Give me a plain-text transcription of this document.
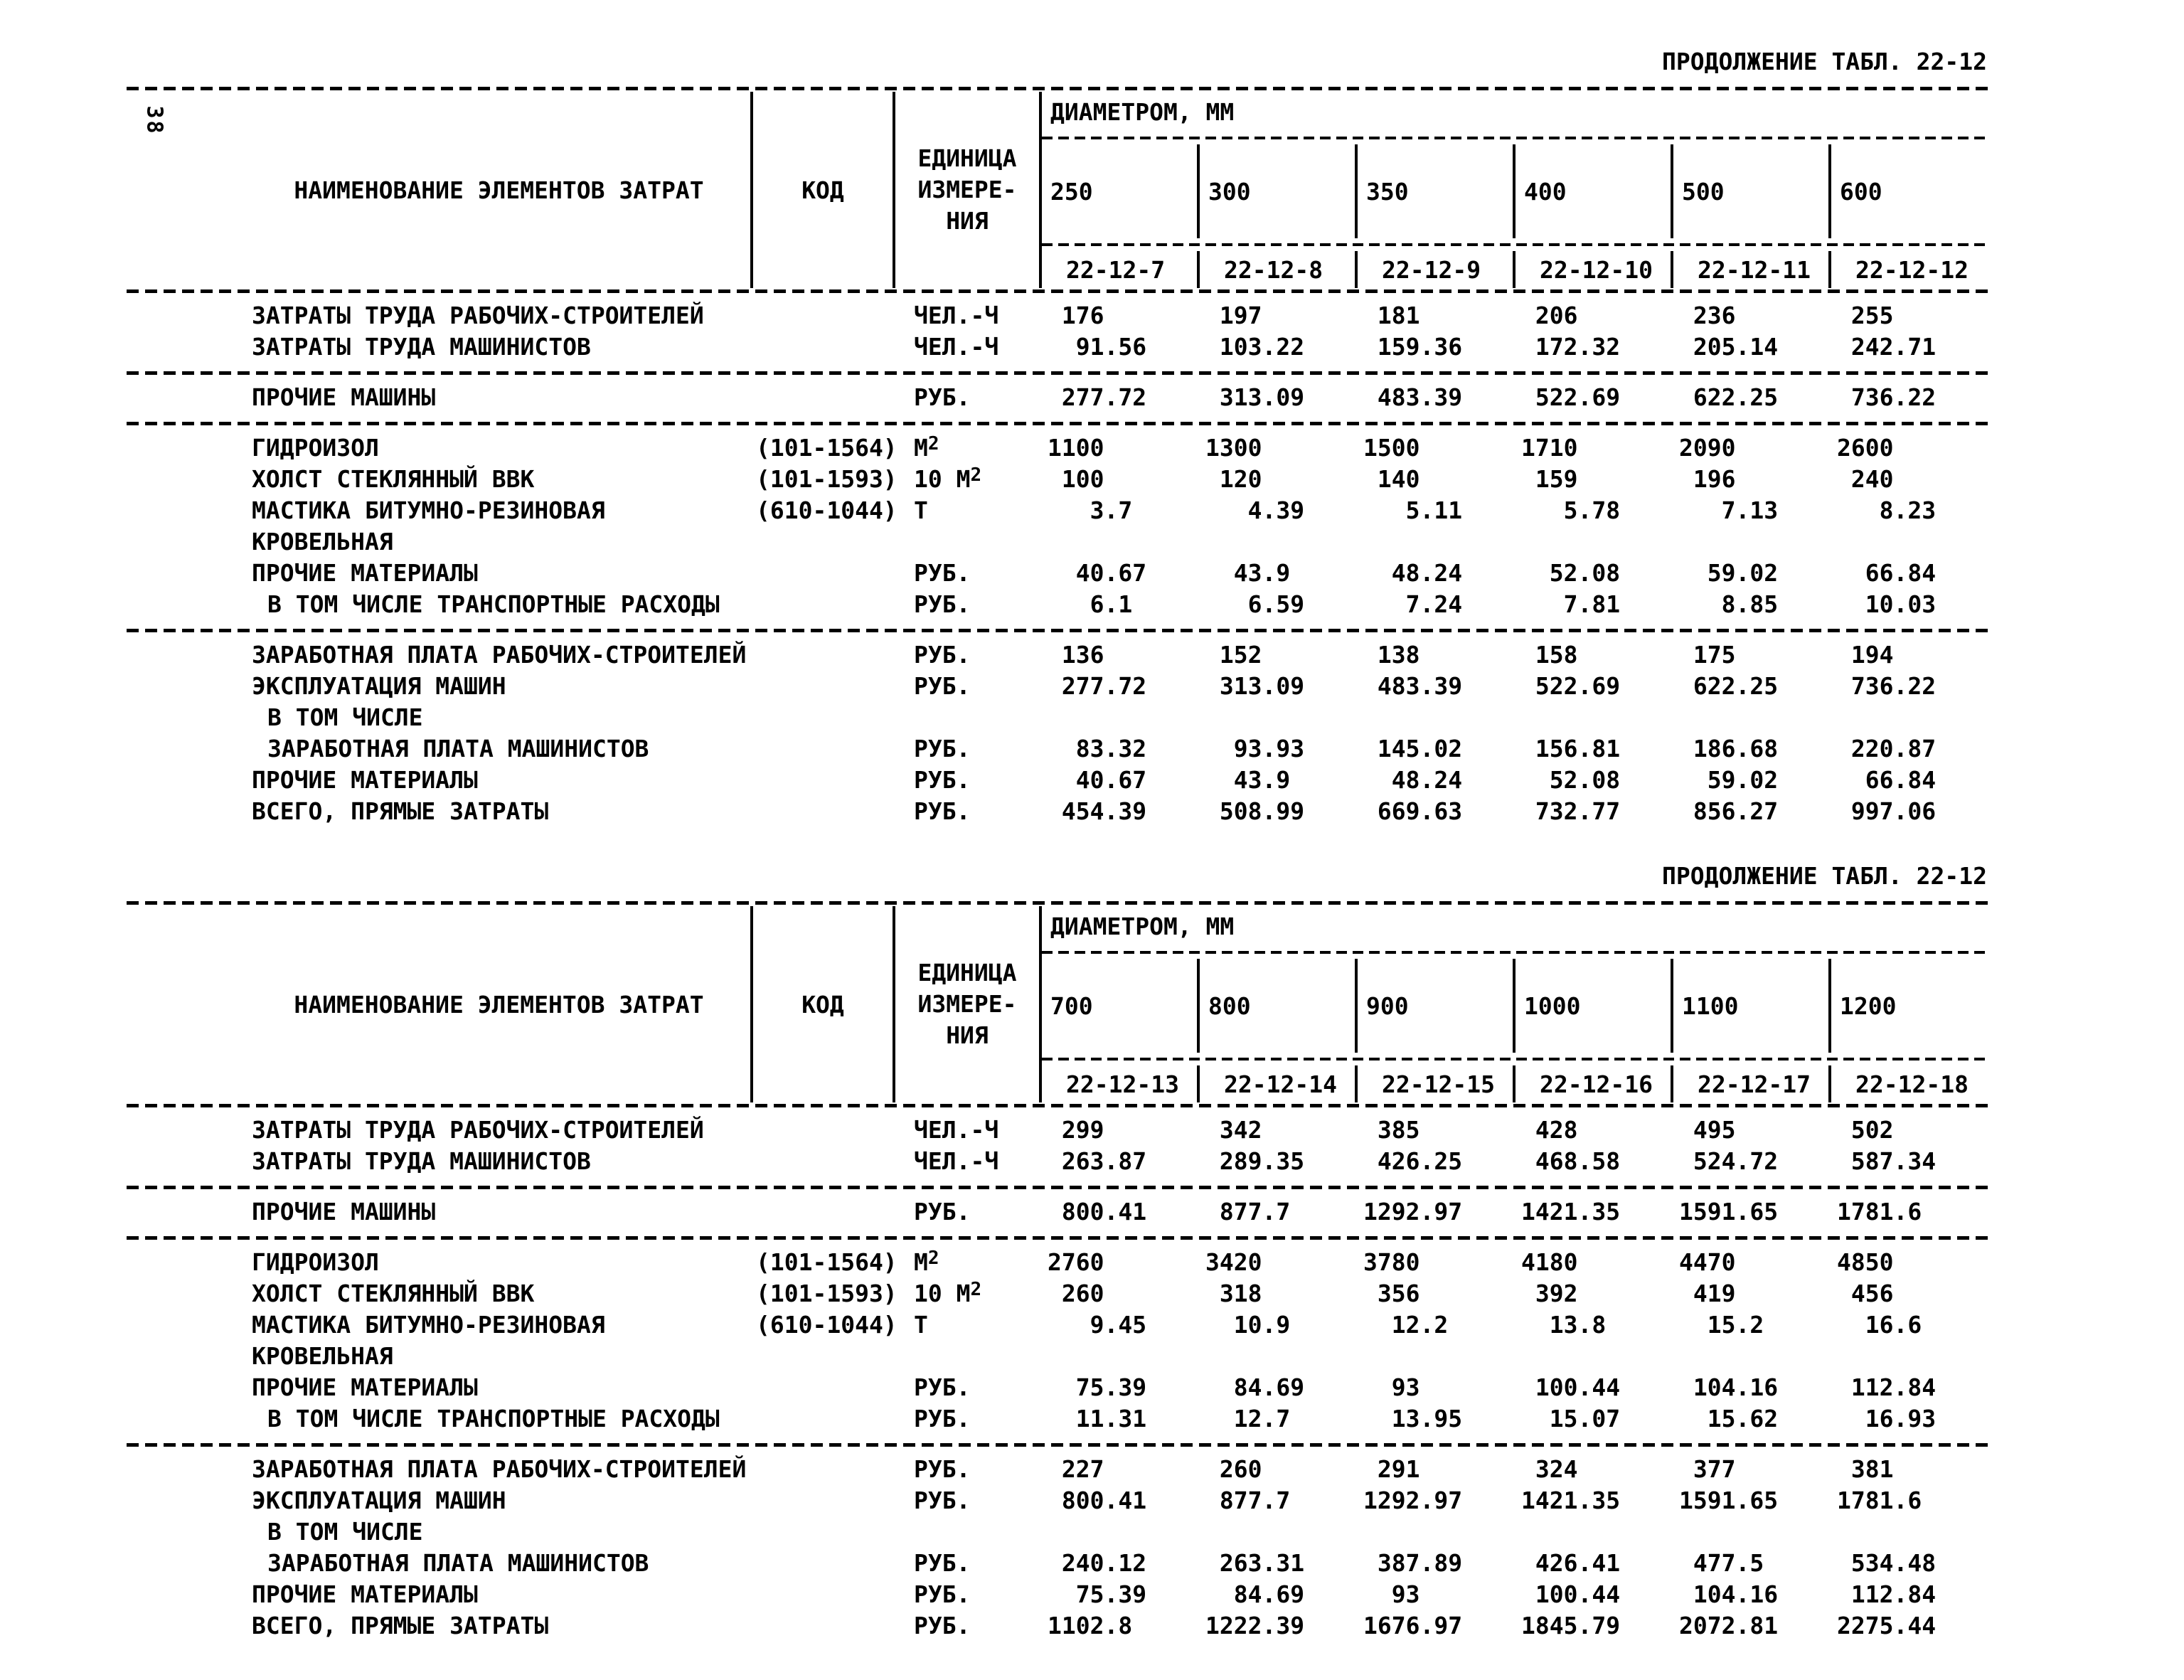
38
ПРОДОЛЖЕНИЕ ТАБЛ. 22-12
НАИМЕНОВАНИЕ ЭЛЕМЕНТОВ ЗАТРАТ	КОД
ЕДИНИЦА
ИЗМЕРЕ-
НИЯ
ДИАМЕТРОМ, ММ
250	300	350	400	500	600
22-12-7	22-12-8	22-12-9	22-12-10	22-12-11	22-12-12
ЗАТРАТЫ ТРУДА РАБОЧИХ-СТРОИТЕЛЕЙ	ЧЕЛ.-Ч	176	197	181	206	236	255
ЗАТРАТЫ ТРУДА МАШИНИСТОВ	ЧЕЛ.-Ч	91.56	103.22	159.36	172.32	205.14	242.71
ПРОЧИЕ МАШИНЫ	РУБ.	277.72	313.09	483.39	522.69	622.25	736.22
ГИДРОИЗОЛ	(101-1564) $М^2$	1100	1300	1500	1710	2090	2600
ХОЛСТ СТЕКЛЯННЫЙ ВВК	(101-1593) 10 $М^2$	100	120	140	159	196	240
МАСТИКА БИТУМНО-РЕЗИНОВАЯ	(610-1044) Т	3.7	4.39	5.11	5.78	7.13	8.23
КРОВЕЛЬНАЯ
ПРОЧИЕ МАТЕРИАЛЫ	РУБ.	40.67	43.9	48.24	52.08	59.02	66.84
В ТОМ ЧИСЛЕ ТРАНСПОРТНЫЕ РАСХОДЫ	РУБ.	6.1	6.59	7.24	7.81	8.85	10.03
ЗАРАБОТНАЯ ПЛАТА РАБОЧИХ-СТРОИТЕЛЕЙ	РУБ.	136	152	138	158	175	194
ЭКСПЛУАТАЦИЯ МАШИН	РУБ.	277.72	313.09	483.39	522.69	622.25	736.22
В ТОМ ЧИСЛЕ
ЗАРАБОТНАЯ ПЛАТА МАШИНИСТОВ	РУБ.	83.32	93.93	145.02	156.81	186.68	220.87
ПРОЧИЕ МАТЕРИАЛЫ	РУБ.	40.67	43.9	48.24	52.08	59.02	66.84
ВСЕГО, ПРЯМЫЕ ЗАТРАТЫ	РУБ.	454.39	508.99	669.63	732.77	856.27	997.06
ПРОДОЛЖЕНИЕ ТАБЛ. 22-12
НАИМЕНОВАНИЕ ЭЛЕМЕНТОВ ЗАТРАТ	КОД
ЕДИНИЦА
ИЗМЕРЕ-
НИЯ
ДИАМЕТРОМ, ММ
700	800	900	1000	1100	1200
22-12-13	22-12-14	22-12-15	22-12-16	22-12-17	22-12-18
ЗАТРАТЫ ТРУДА РАБОЧИХ-СТРОИТЕЛЕЙ	ЧЕЛ.-Ч	299	342	385	428	495	502
ЗАТРАТЫ ТРУДА МАШИНИСТОВ	ЧЕЛ.-Ч	263.87	289.35	426.25	468.58	524.72	587.34
ПРОЧИЕ МАШИНЫ	РУБ.	800.41	877.7	1292.97	1421.35	1591.65	1781.6
ГИДРОИЗОЛ	(101-1564) $М^2$	2760	3420	3780	4180	4470	4850
ХОЛСТ СТЕКЛЯННЫЙ ВВК	(101-1593) 10 $М^2$	260	318	356	392	419	456
МАСТИКА БИТУМНО-РЕЗИНОВАЯ	(610-1044) Т	9.45	10.9	12.2	13.8	15.2	16.6
КРОВЕЛЬНАЯ
ПРОЧИЕ МАТЕРИАЛЫ	РУБ.	75.39	84.69	93	100.44	104.16	112.84
В ТОМ ЧИСЛЕ ТРАНСПОРТНЫЕ РАСХОДЫ	РУБ.	11.31	12.7	13.95	15.07	15.62	16.93
ЗАРАБОТНАЯ ПЛАТА РАБОЧИХ-СТРОИТЕЛЕЙ	РУБ.	227	260	291	324	377	381
ЭКСПЛУАТАЦИЯ МАШИН	РУБ.	800.41	877.7	1292.97	1421.35	1591.65	1781.6
В ТОМ ЧИСЛЕ
ЗАРАБОТНАЯ ПЛАТА МАШИНИСТОВ	РУБ.	240.12	263.31	387.89	426.41	477.5	534.48
ПРОЧИЕ МАТЕРИАЛЫ	РУБ.	75.39	84.69	93	100.44	104.16	112.84
ВСЕГО, ПРЯМЫЕ ЗАТРАТЫ	РУБ.	1102.8	1222.39	1676.97	1845.79	2072.81	2275.44
